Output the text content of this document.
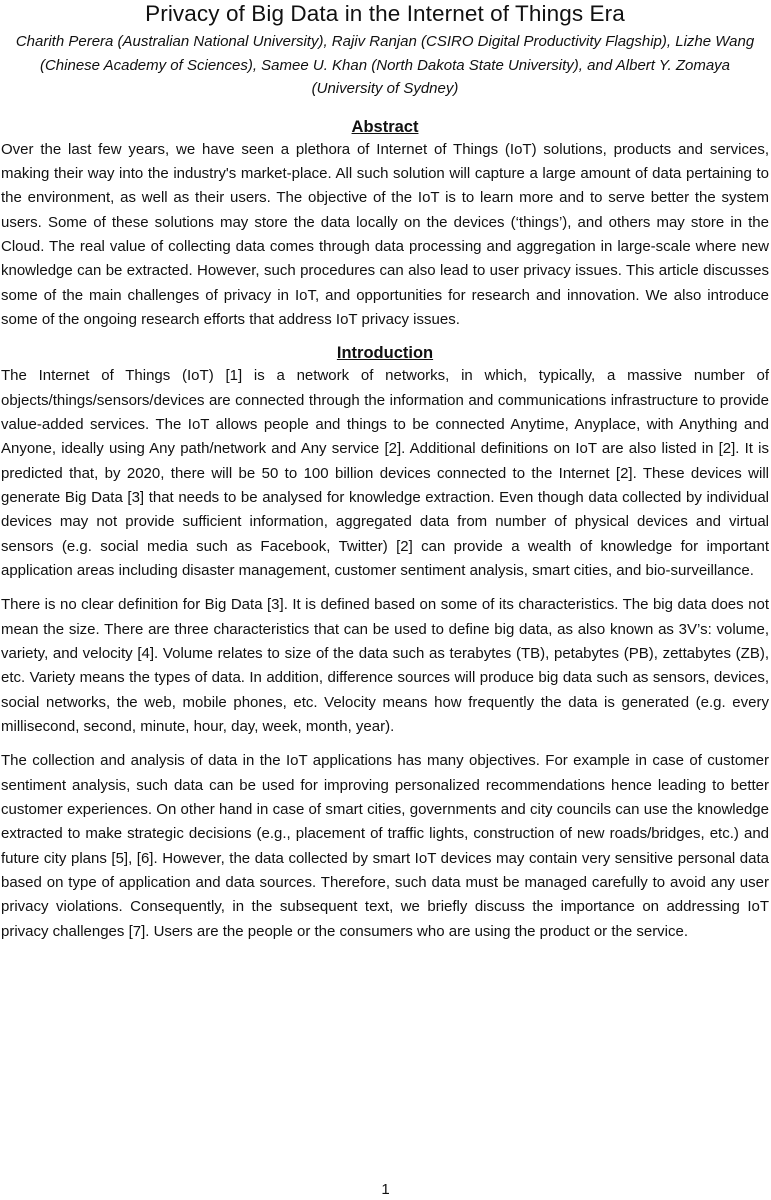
Privacy of Big Data in the Internet of Things Era

Charith Perera (Australian National University), Rajiv Ranjan (CSIRO Digital Productivity Flagship), Lizhe Wang (Chinese Academy of Sciences), Samee U. Khan (North Dakota State University), and Albert Y. Zomaya (University of Sydney)

Abstract

Over the last few years, we have seen a plethora of Internet of Things (IoT) solutions, products and services, making their way into the industry's market-place. All such solution will capture a large amount of data pertaining to the environment, as well as their users. The objective of the IoT is to learn more and to serve better the system users. Some of these solutions may store the data locally on the devices (‘things’), and others may store in the Cloud. The real value of collecting data comes through data processing and aggregation in large-scale where new knowledge can be extracted. However, such procedures can also lead to user privacy issues. This article discusses some of the main challenges of privacy in IoT, and opportunities for research and innovation. We also introduce some of the ongoing research efforts that address IoT privacy issues.

Introduction

The Internet of Things (IoT) [1] is a network of networks, in which, typically, a massive number of objects/things/sensors/devices are connected through the information and communications infrastructure to provide value-added services. The IoT allows people and things to be connected Anytime, Anyplace, with Anything and Anyone, ideally using Any path/network and Any service [2]. Additional definitions on IoT are also listed in [2]. It is predicted that, by 2020, there will be 50 to 100 billion devices connected to the Internet [2]. These devices will generate Big Data [3] that needs to be analysed for knowledge extraction. Even though data collected by individual devices may not provide sufficient information, aggregated data from number of physical devices and virtual sensors (e.g. social media such as Facebook, Twitter) [2] can provide a wealth of knowledge for important application areas including disaster management, customer sentiment analysis, smart cities, and bio-surveillance.

There is no clear definition for Big Data [3]. It is defined based on some of its characteristics. The big data does not mean the size. There are three characteristics that can be used to define big data, as also known as 3V’s: volume, variety, and velocity [4]. Volume relates to size of the data such as terabytes (TB), petabytes (PB), zettabytes (ZB), etc. Variety means the types of data. In addition, difference sources will produce big data such as sensors, devices, social networks, the web, mobile phones, etc. Velocity means how frequently the data is generated (e.g. every millisecond, second, minute, hour, day, week, month, year).

The collection and analysis of data in the IoT applications has many objectives. For example in case of customer sentiment analysis, such data can be used for improving personalized recommendations hence leading to better customer experiences. On other hand in case of smart cities, governments and city councils can use the knowledge extracted to make strategic decisions (e.g., placement of traffic lights, construction of new roads/bridges, etc.) and future city plans [5], [6]. However, the data collected by smart IoT devices may contain very sensitive personal data based on type of application and data sources. Therefore, such data must be managed carefully to avoid any user privacy violations. Consequently, in the subsequent text, we briefly discuss the importance on addressing IoT privacy challenges [7]. Users are the people or the consumers who are using the product or the service.

1
